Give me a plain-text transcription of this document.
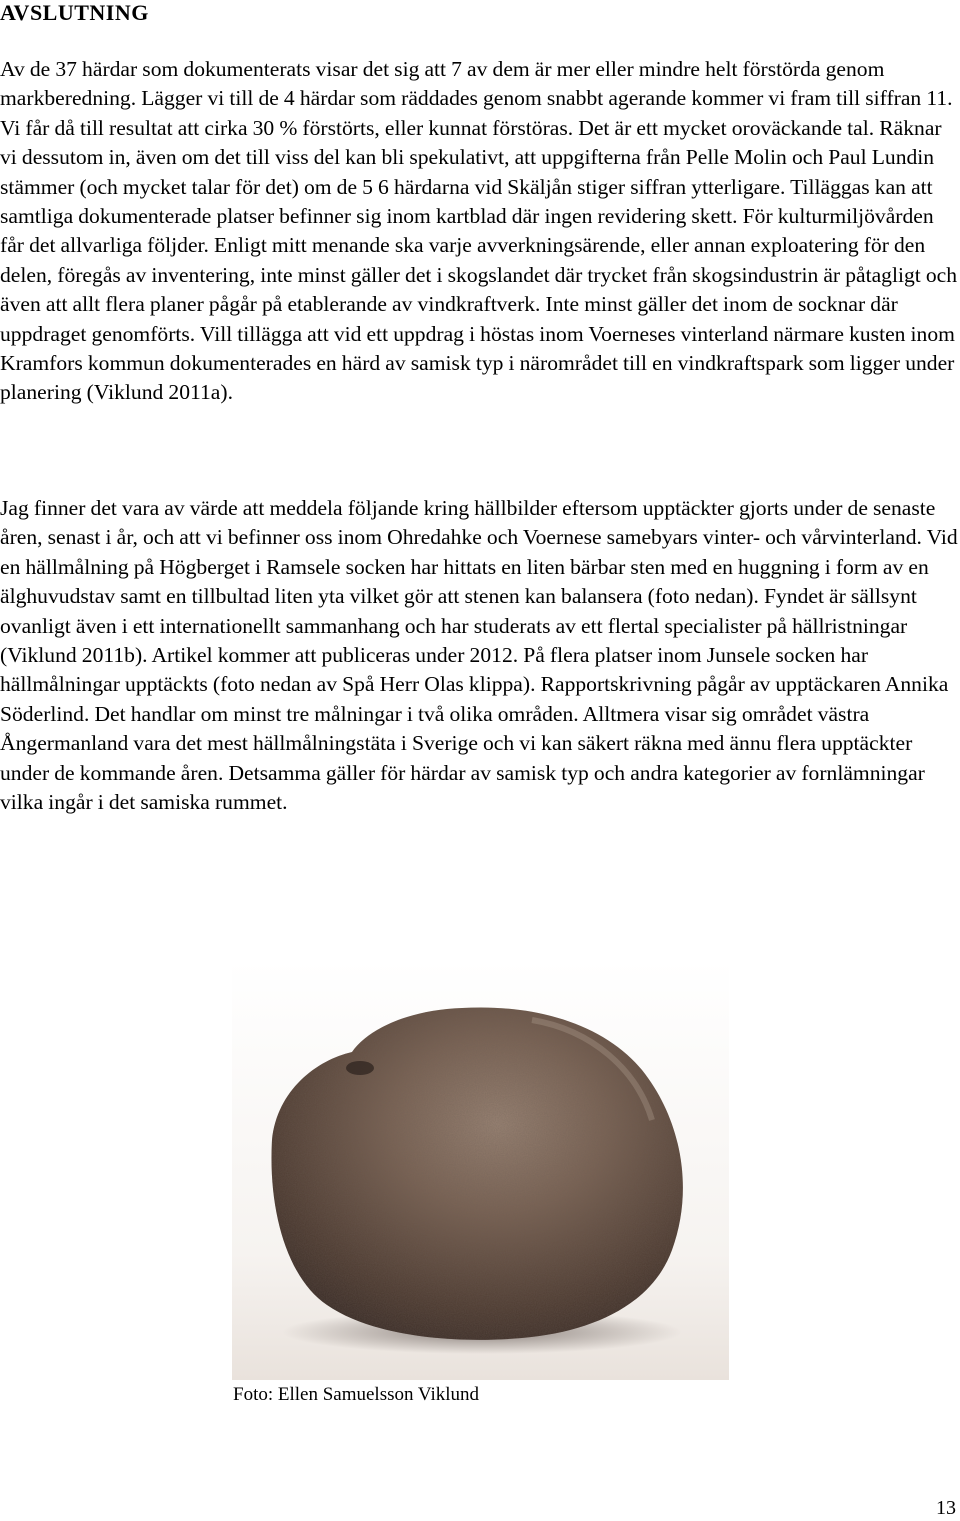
AVSLUTNING

Av de 37 härdar som dokumenterats visar det sig att 7 av dem är mer eller mindre helt förstörda genom markberedning. Lägger vi till de 4 härdar som räddades genom snabbt agerande kommer vi fram till siffran 11. Vi får då till resultat att cirka 30 % förstörts, eller kunnat förstöras. Det är ett mycket oroväckande tal. Räknar vi dessutom in, även om det till viss del kan bli spekulativt, att uppgifterna från Pelle Molin och Paul Lundin stämmer (och mycket talar för det) om de 5 6 härdarna vid Skäljån stiger siffran ytterligare. Tilläggas kan att samtliga dokumenterade platser befinner sig inom kartblad där ingen revidering skett. För kulturmiljövården får det allvarliga följder. Enligt mitt menande ska varje avverkningsärende, eller annan exploatering för den delen, föregås av inventering, inte minst gäller det i skogslandet där trycket från skogsindustrin är påtagligt och även att allt flera planer pågår på etablerande av vindkraftverk. Inte minst gäller det inom de socknar där uppdraget genomförts. Vill tillägga att vid ett uppdrag i höstas inom Voerneses vinterland närmare kusten inom Kramfors kommun dokumenterades en härd av samisk typ i närområdet till en vindkraftspark som ligger under planering (Viklund 2011a).

Jag finner det vara av värde att meddela följande kring hällbilder eftersom upptäckter gjorts under de senaste åren, senast i år, och att vi befinner oss inom Ohredahke och Voernese samebyars vinter- och vårvinterland. Vid en hällmålning på Högberget i Ramsele socken har hittats en liten bärbar sten med en huggning i form av en älghuvudstav samt en tillbultad liten yta vilket gör att stenen kan balansera (foto nedan). Fyndet är sällsynt ovanligt även i ett internationellt sammanhang och har studerats av ett flertal specialister på hällristningar (Viklund 2011b). Artikel kommer att publiceras under 2012. På flera platser inom Junsele socken har hällmålningar upptäckts (foto nedan av Spå Herr Olas klippa). Rapportskrivning pågår av upptäckaren Annika Söderlind. Det handlar om minst tre målningar i två olika områden. Alltmera visar sig området västra Ångermanland vara det mest hällmålningstäta i Sverige och vi kan säkert räkna med ännu flera upptäckter under de kommande åren. Detsamma gäller för härdar av samisk typ och andra kategorier av fornlämningar vilka ingår i det samiska rummet.

Foto: Ellen Samuelsson Viklund

13
